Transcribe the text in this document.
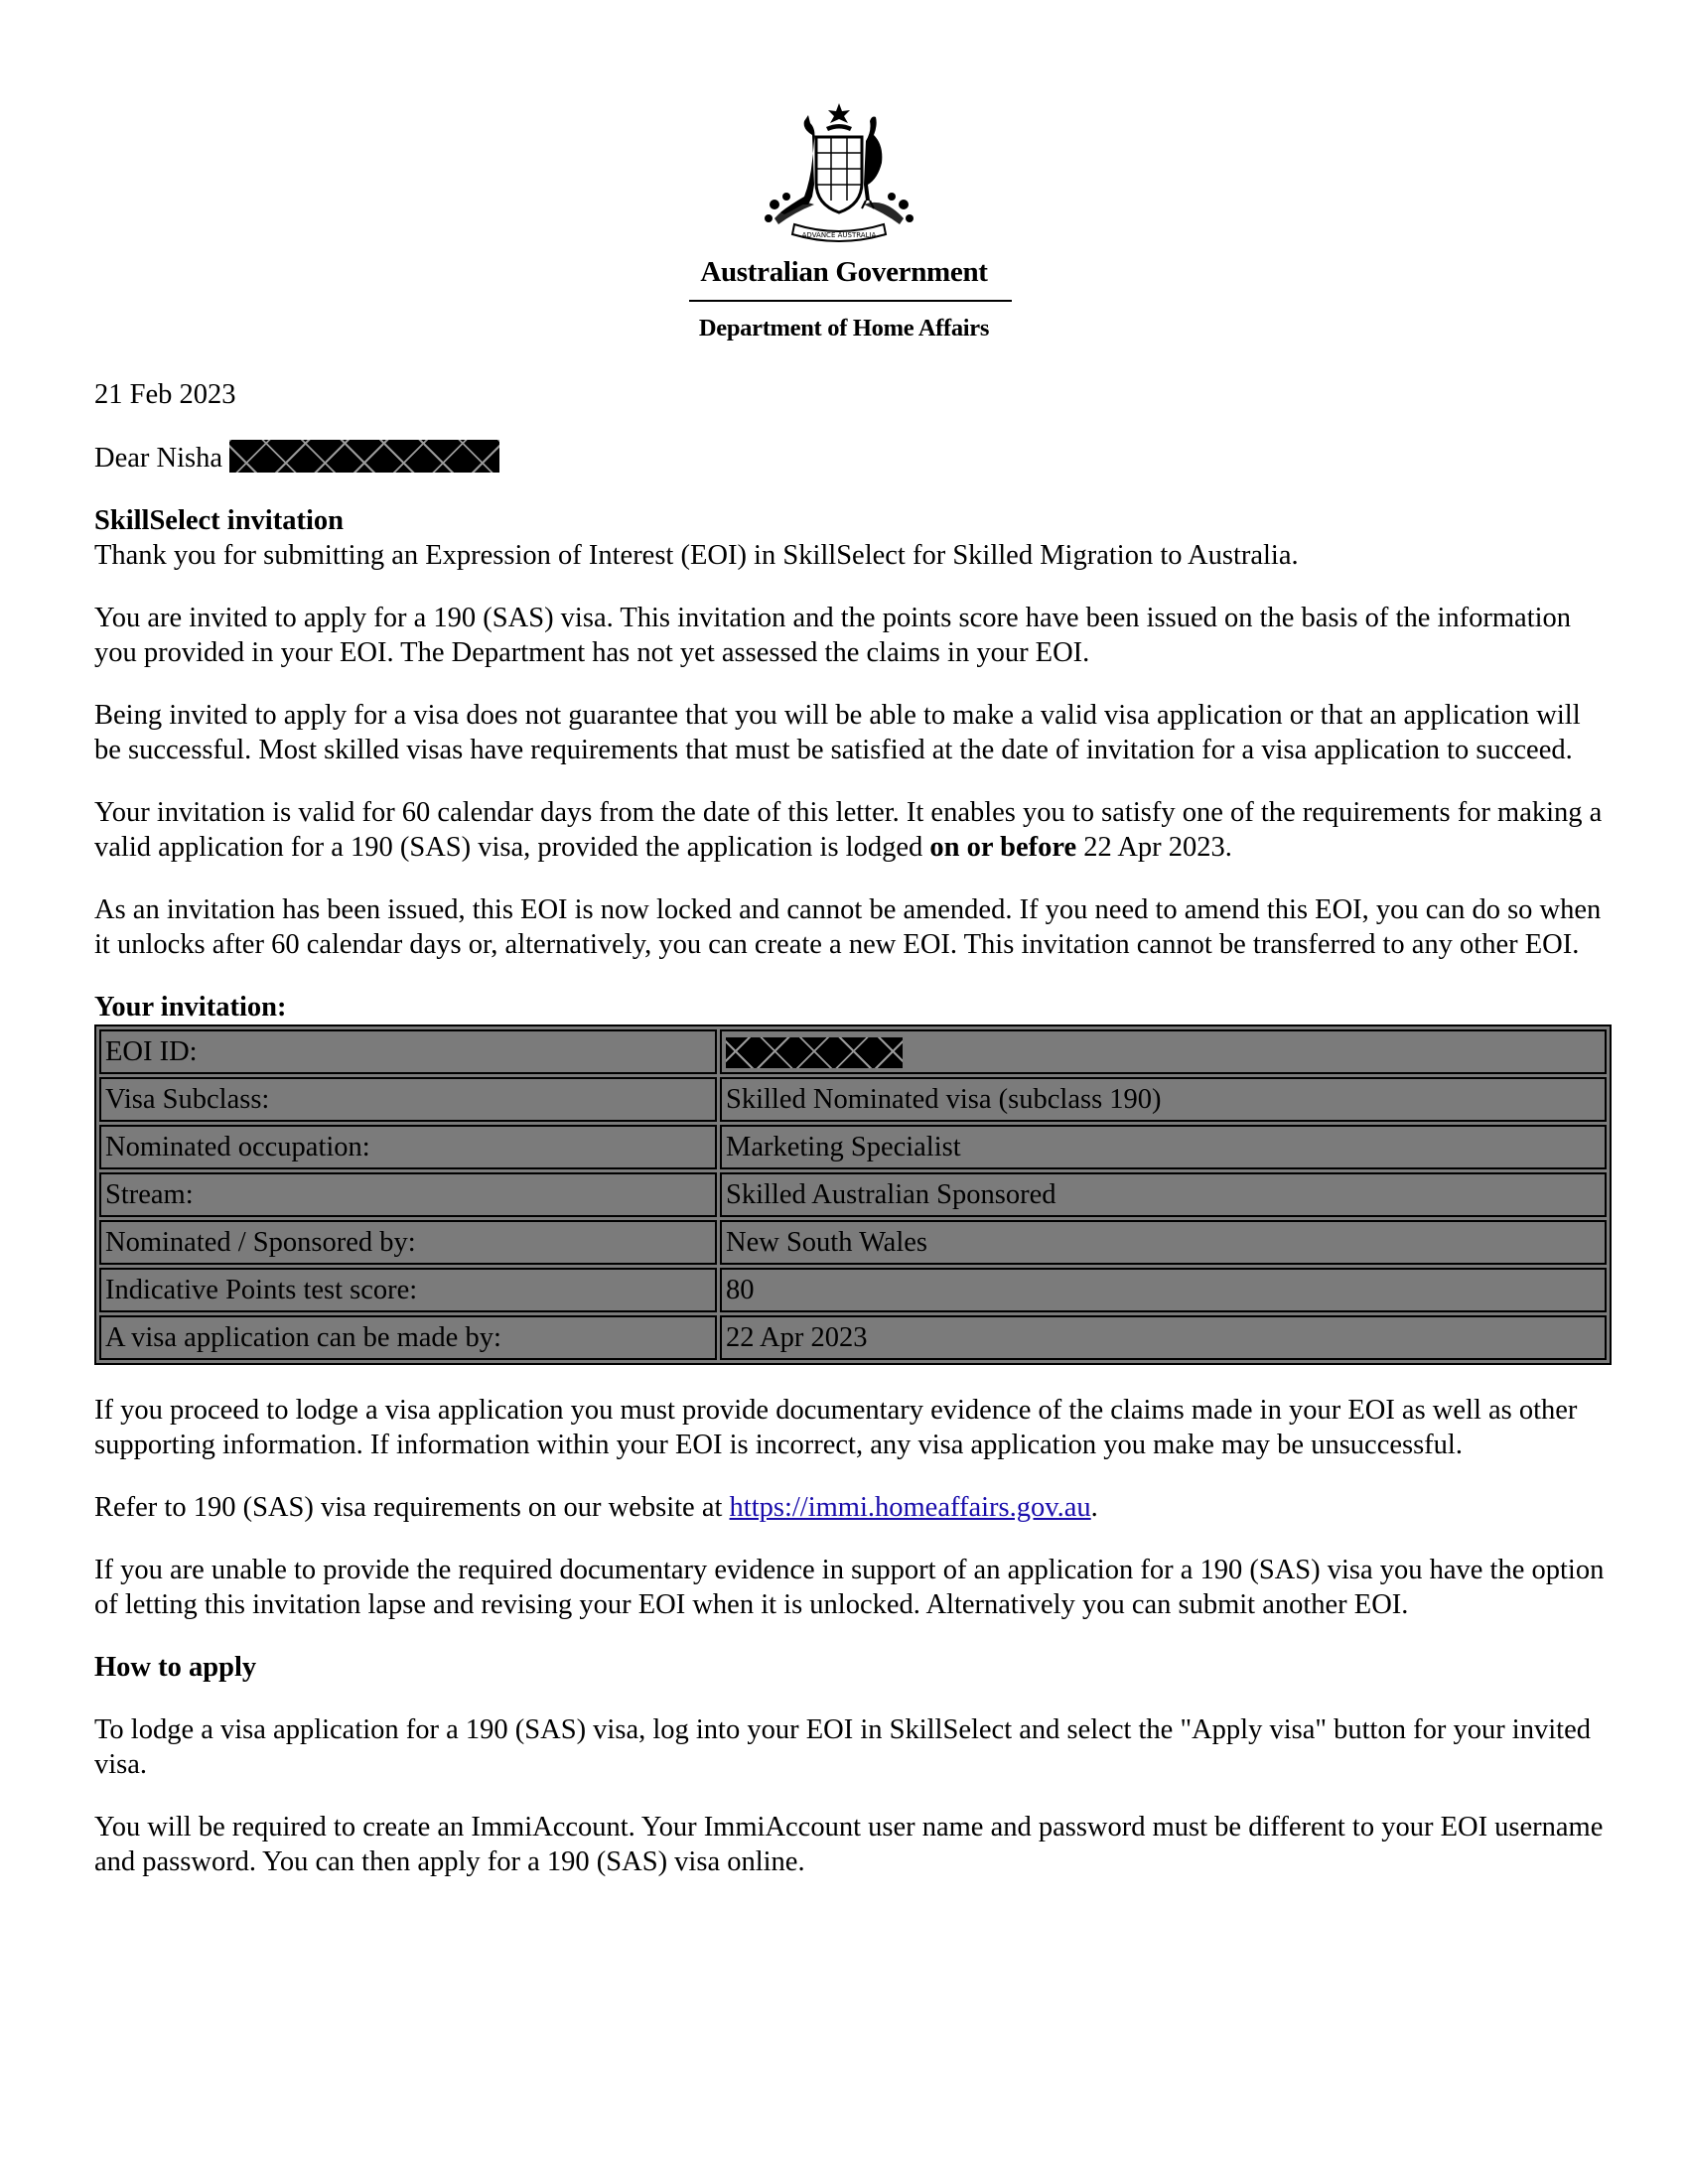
ADVANCE AUSTRALIA
Australian Government
Department of Home Affairs

21 Feb 2023

Dear Nisha

SkillSelect invitation

Thank you for submitting an Expression of Interest (EOI) in SkillSelect for Skilled Migration to Australia.

You are invited to apply for a 190 (SAS) visa. This invitation and the points score have been issued on the basis of the information you provided in your EOI. The Department has not yet assessed the claims in your EOI.

Being invited to apply for a visa does not guarantee that you will be able to make a valid visa application or that an application will be successful. Most skilled visas have requirements that must be satisfied at the date of invitation for a visa application to succeed.

Your invitation is valid for 60 calendar days from the date of this letter. It enables you to satisfy one of the requirements for making a valid application for a 190 (SAS) visa, provided the application is lodged on or before 22 Apr 2023.

As an invitation has been issued, this EOI is now locked and cannot be amended. If you need to amend this EOI, you can do so when it unlocks after 60 calendar days or, alternatively, you can create a new EOI. This invitation cannot be transferred to any other EOI.

Your invitation:

EOI ID:	
Visa Subclass:	Skilled Nominated visa (subclass 190)
Nominated occupation:	Marketing Specialist
Stream:	Skilled Australian Sponsored
Nominated / Sponsored by:	New South Wales
Indicative Points test score:	80
A visa application can be made by:	22 Apr 2023

If you proceed to lodge a visa application you must provide documentary evidence of the claims made in your EOI as well as other supporting information. If information within your EOI is incorrect, any visa application you make may be unsuccessful.

Refer to 190 (SAS) visa requirements on our website at https://immi.homeaffairs.gov.au.

If you are unable to provide the required documentary evidence in support of an application for a 190 (SAS) visa you have the option of letting this invitation lapse and revising your EOI when it is unlocked. Alternatively you can submit another EOI.

How to apply

To lodge a visa application for a 190 (SAS) visa, log into your EOI in SkillSelect and select the "Apply visa" button for your invited visa.

You will be required to create an ImmiAccount. Your ImmiAccount user name and password must be different to your EOI username and password. You can then apply for a 190 (SAS) visa online.
